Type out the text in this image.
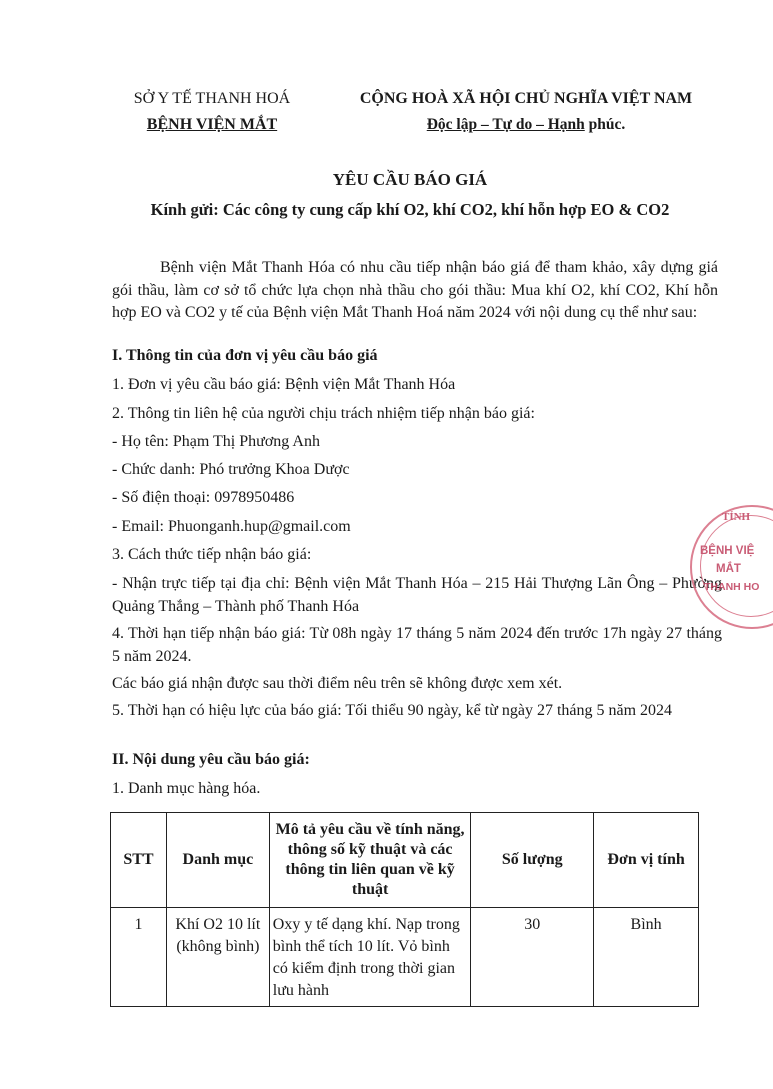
SỞ Y TẾ THANH HOÁ
BỆNH VIỆN MẮT
CỘNG HOÀ XÃ HỘI CHỦ NGHĨA VIỆT NAM
Độc lập – Tự do – Hạnh phúc.
YÊU CẦU BÁO GIÁ
Kính gửi: Các công ty cung cấp khí O2, khí CO2, khí hỗn hợp EO & CO2

Bệnh viện Mắt Thanh Hóa có nhu cầu tiếp nhận báo giá để tham khảo, xây dựng giá gói thầu, làm cơ sở tổ chức lựa chọn nhà thầu cho gói thầu: Mua khí O2, khí CO2, Khí hỗn hợp EO và CO2 y tế của Bệnh viện Mắt Thanh Hoá năm 2024 với nội dung cụ thể như sau:

I. Thông tin của đơn vị yêu cầu báo giá

1. Đơn vị yêu cầu báo giá: Bệnh viện Mắt Thanh Hóa

2. Thông tin liên hệ của người chịu trách nhiệm tiếp nhận báo giá:

- Họ tên: Phạm Thị Phương Anh

- Chức danh: Phó trưởng Khoa Dược

- Số điện thoại: 0978950486

- Email: Phuonganh.hup@gmail.com

3. Cách thức tiếp nhận báo giá:

- Nhận trực tiếp tại địa chỉ: Bệnh viện Mắt Thanh Hóa – 215 Hải Thượng Lãn Ông – Phường Quảng Thắng – Thành phố Thanh Hóa

4. Thời hạn tiếp nhận báo giá: Từ 08h ngày 17 tháng 5 năm 2024 đến trước 17h ngày 27 tháng 5 năm 2024.

Các báo giá nhận được sau thời điểm nêu trên sẽ không được xem xét.

5. Thời hạn có hiệu lực của báo giá: Tối thiểu 90 ngày, kể từ ngày 27 tháng 5 năm 2024

II. Nội dung yêu cầu báo giá:

1. Danh mục hàng hóa.

STT	Danh mục	Mô tả yêu cầu về tính năng, thông số kỹ thuật và các thông tin liên quan về kỹ thuật	Số lượng	Đơn vị tính
1	Khí O2 10 lít (không bình)	Oxy y tế dạng khí. Nạp trong bình thể tích 10 lít. Vỏ bình có kiểm định trong thời gian lưu hành	30	Bình
TỈNH
BỆNH VIỆ
MẮT
THANH HO
